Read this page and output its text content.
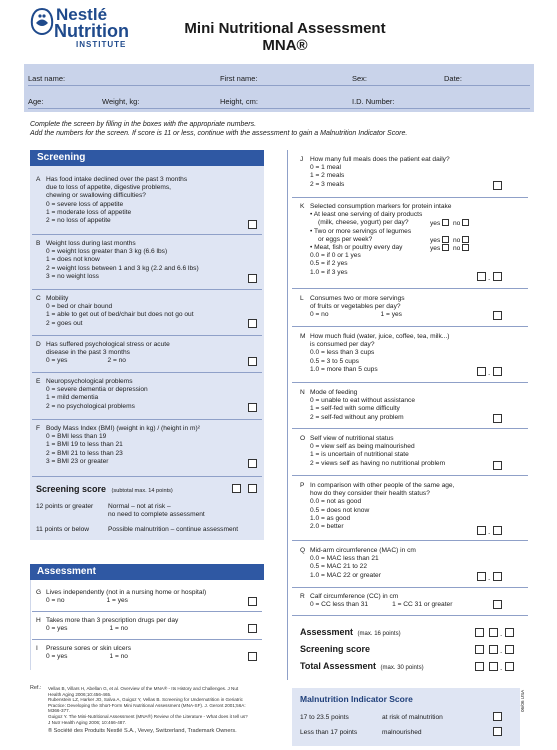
Nestlé
Nutrition
INSTITUTE
Mini Nutritional Assessment
MNA®
Last name:	First name:	Sex:	Date:
Age:	Weight, kg:	Height, cm:	I.D. Number:
Complete the screen by filling in the boxes with the appropriate numbers.
Add the numbers for the screen. If score is 11 or less, continue with the assessment to gain a Malnutrition Indicator Score.
Screening
A Has food intake declined over the past 3 months
due to loss of appetite, digestive problems,
chewing or swallowing difficulties?
0 = severe loss of appetite
1 = moderate loss of appetite
2 = no loss of appetite
B Weight loss during last months
0 = weight loss greater than 3 kg (6.6 lbs)
1 = does not know
2 = weight loss between 1 and 3 kg (2.2 and 6.6 lbs)
3 = no weight loss
C Mobility
0 = bed or chair bound
1 = able to get out of bed/chair but does not go out
2 = goes out
D Has suffered psychological stress or acute
disease in the past 3 months
0 = yes	2 = no
E Neuropsychological problems
0 = severe dementia or depression
1 = mild dementia
2 = no psychological problems
F Body Mass Index (BMI) (weight in kg) / (height in m)²
0 = BMI less than 19
1 = BMI 19 to less than 21
2 = BMI 21 to less than 23
3 = BMI 23 or greater
Screening score (subtotal max. 14 points)
12 points or greater Normal – not at risk –
no need to complete assessment
11 points or below	Possible malnutrition – continue assessment
Assessment
G Lives independently (not in a nursing home or hospital)
0 = no	1 = yes
H Takes more than 3 prescription drugs per day
0 = yes	1 = no
I Pressure sores or skin ulcers
0 = yes	1 = no
Ref.: Vellas B, Villars H, Abellan G, et al. Overview of the MNA® - Its History and Challenges. J Nut
Health Aging 2006;10:456-465.
Rubenstein LZ, Harker JO, Salva A, Guigoz Y, Vellas B. Screening for Undernutrition in Geriatric
Practice: Developing the Short-Form Mini Nutritional Assessment (MNA-SF). J. Geront 2001;56A:
M366-377.
Guigoz Y. The Mini-Nutritional Assessment (MNA®) Review of the Literature - What does it tell us?
J Nutr Health Aging 2006; 10:466-487.
® Société des Produits Nestlé S.A., Vevey, Switzerland, Trademark Owners.
J How many full meals does the patient eat daily?
0 = 1 meal
1 = 2 meals
2 = 3 meals
K Selected consumption markers for protein intake
• At least one serving of dairy products
(milk, cheese, yogurt) per day?	yes no
• Two or more servings of legumes
or eggs per week?	yes no
• Meat, fish or poultry every day	yes no
0.0 = if 0 or 1 yes
0.5 = if 2 yes
1.0 = if 3 yes
.
L Consumes two or more servings
of fruits or vegetables per day?
0 = no	1 = yes
M How much fluid (water, juice, coffee, tea, milk...)
is consumed per day?
0.0 = less than 3 cups
0.5 = 3 to 5 cups
1.0 = more than 5 cups	.
N Mode of feeding
0 = unable to eat without assistance
1 = self-fed with some difficulty
2 = self-fed without any problem
O Self view of nutritional status
0 = view self as being malnourished
1 = is uncertain of nutritional state
2 = views self as having no nutritional problem
P In comparison with other people of the same age,
how do they consider their health status?
0.0 = not as good
0.5 = does not know
1.0 = as good
2.0 = better
.
Q Mid-arm circumference (MAC) in cm
0.0 = MAC less than 21
0.5 = MAC 21 to 22
1.0 = MAC 22 or greater	.
R Calf circumference (CC) in cm
0 = CC less than 31	1 = CC 31 or greater
Assessment (max. 16 points)	.
Screening score	.
Total Assessment (max. 30 points)	.
Malnutrition Indicator Score
17 to 23.5 points	at risk of malnutrition
Less than 17 points	malnourished
06/06 USA
